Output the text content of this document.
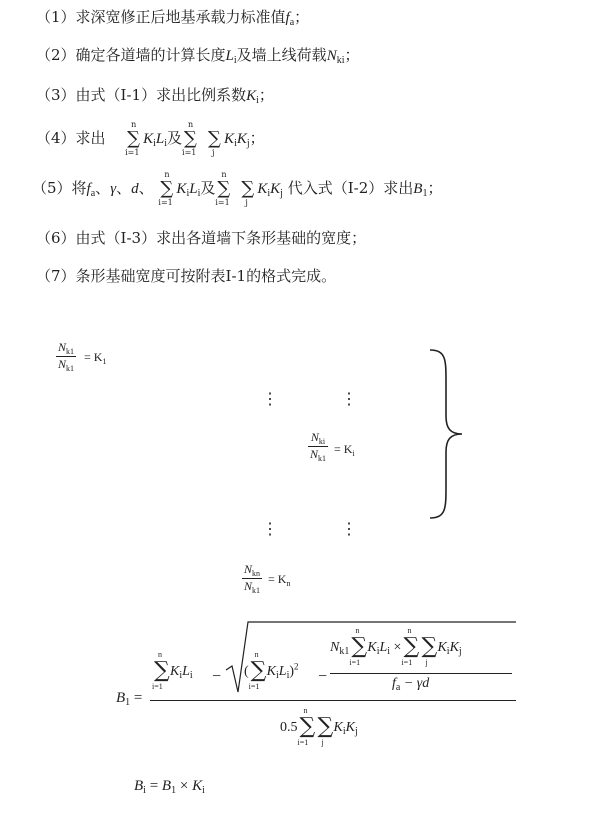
（1）求深宽修正后地基承载力标准值$f_a$；
（2）确定各道墙的计算长度$L_i$及墙上线荷载$N_{ki}$；
（3）由式（I-1）求出比例系数$K_i$；
（4）求出
n
∑
i=1
$K_iL_i$及
n
∑
i=1
∑
j
$K_iK_j$；
（5）将$f_a$、γ、d、
n
∑
i=1
$K_iL_i$及
n
∑
i=1
∑
j
$K_iK_j$ 代入式（I-2）求出$B_1$；
（6）由式（I-3）求出各道墙下条形基础的宽度；
（7）条形基础宽度可按附表I-1的格式完成。
$N_{k1}$
$N_{k1}$
= $K_1$
⋮	⋮
$N_{ki}$
$N_{k1}$
= $K_i$
⋮	⋮
$N_{kn}$
$N_{k1}$
= $K_n$
$B_1$ =
n
∑
i=1
$K_iL_i$ − (
n
∑
i=1
$K_iL_i)^2$
−
$N_{k1}$
n
∑
i=1
$K_iL_i$ ×
n
∑
i=1
∑
j
$K_iK_j$
$f_a - \gamma d$
0.5
n
∑
i=1
∑
j
$K_iK_j$
$B_i = B_1 \times K_i$
